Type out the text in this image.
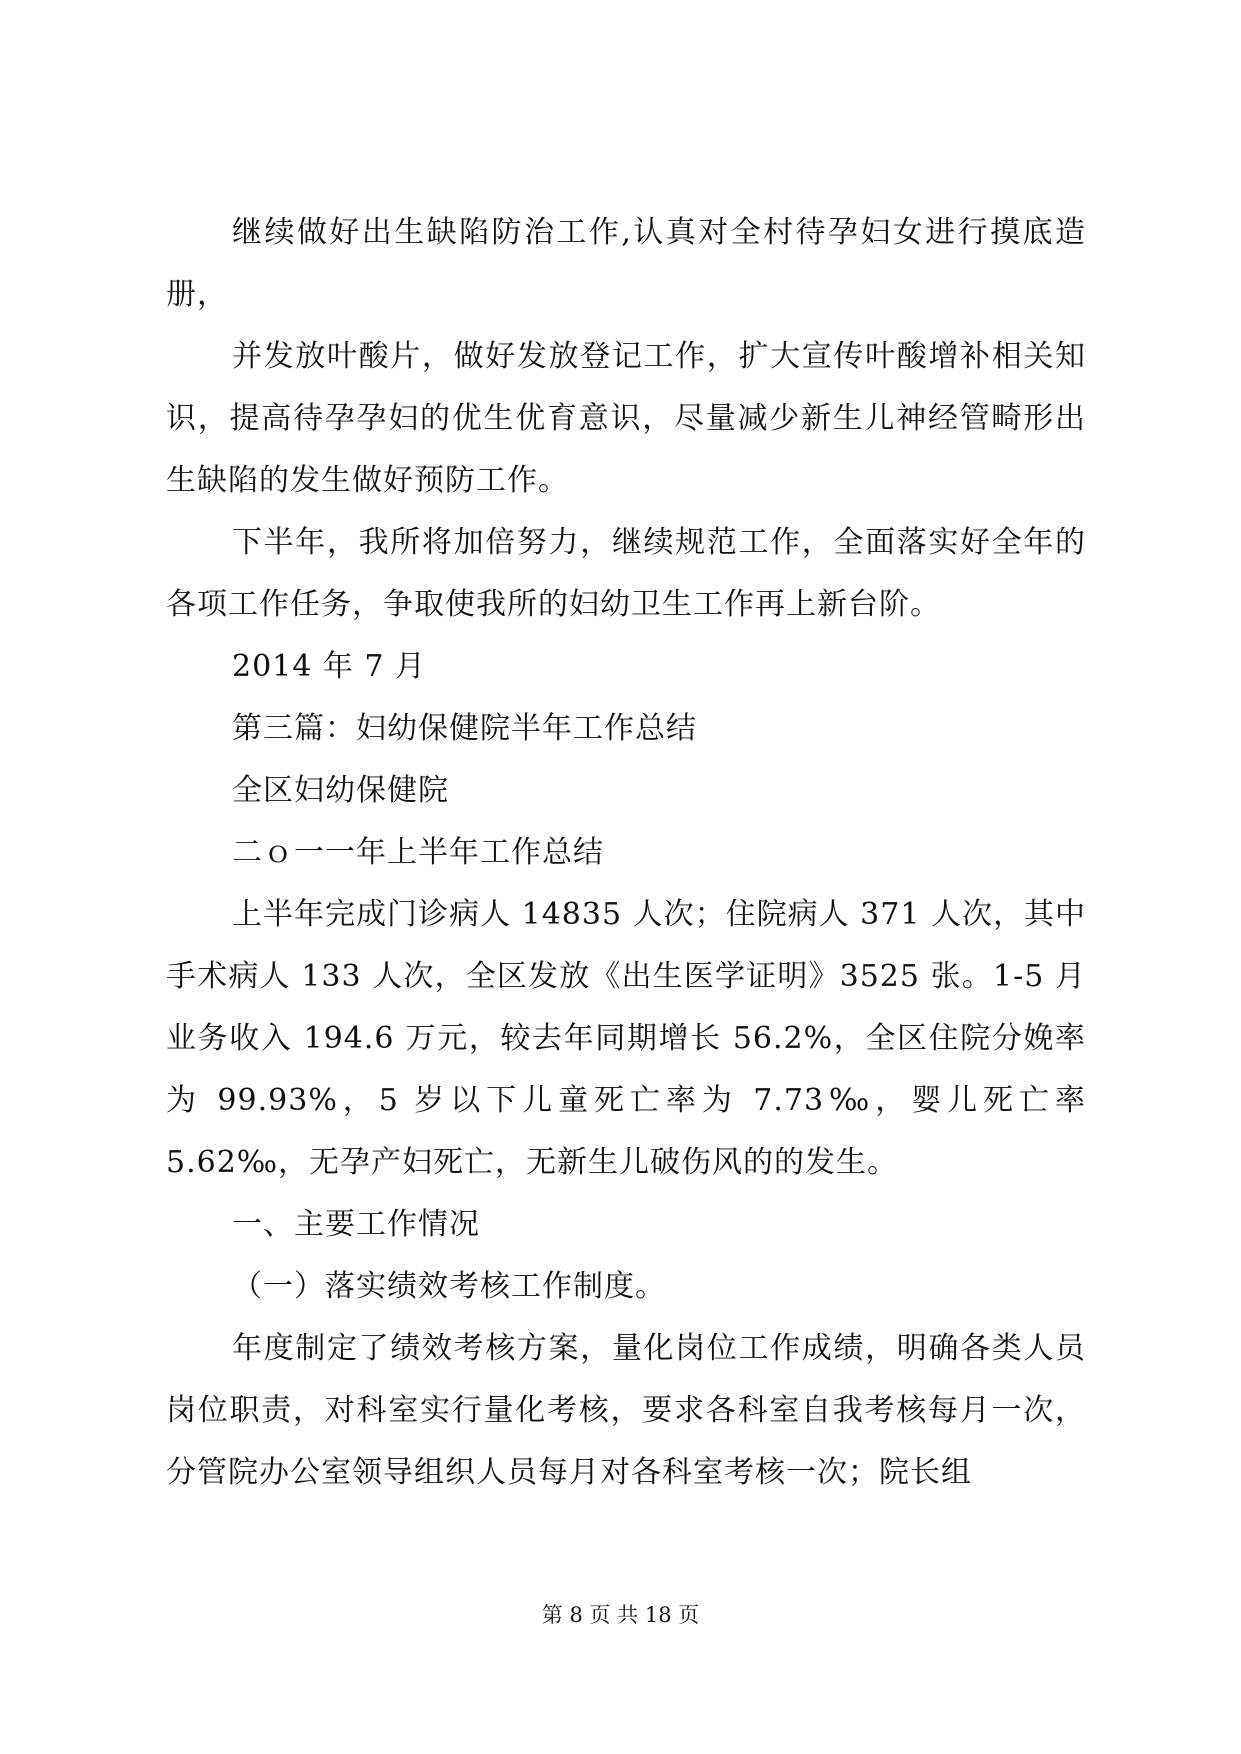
继续做好出生缺陷防治工作,认真对全村待孕妇女进行摸底造册，

并发放叶酸片，做好发放登记工作，扩大宣传叶酸增补相关知识，提高待孕孕妇的优生优育意识，尽量减少新生儿神经管畸形出生缺陷的发生做好预防工作。

下半年，我所将加倍努力，继续规范工作，全面落实好全年的各项工作任务，争取使我所的妇幼卫生工作再上新台阶。

2014 年 7 月

第三篇：妇幼保健院半年工作总结

全区妇幼保健院

二ｏ一一年上半年工作总结

上半年完成门诊病人 14835 人次；住院病人 371 人次，其中手术病人 133 人次，全区发放《出生医学证明》3525 张。1-5 月业务收入 194.6 万元，较去年同期增长 56.2%，全区住院分娩率为 99.93%，5 岁以下儿童死亡率为 7.73‰，婴儿死亡率 5.62‰，无孕产妇死亡，无新生儿破伤风的的发生。

一、主要工作情况

（一）落实绩效考核工作制度。

年度制定了绩效考核方案，量化岗位工作成绩，明确各类人员岗位职责，对科室实行量化考核，要求各科室自我考核每月一次，分管院办公室领导组织人员每月对各科室考核一次；院长组

第 8 页 共 18 页
